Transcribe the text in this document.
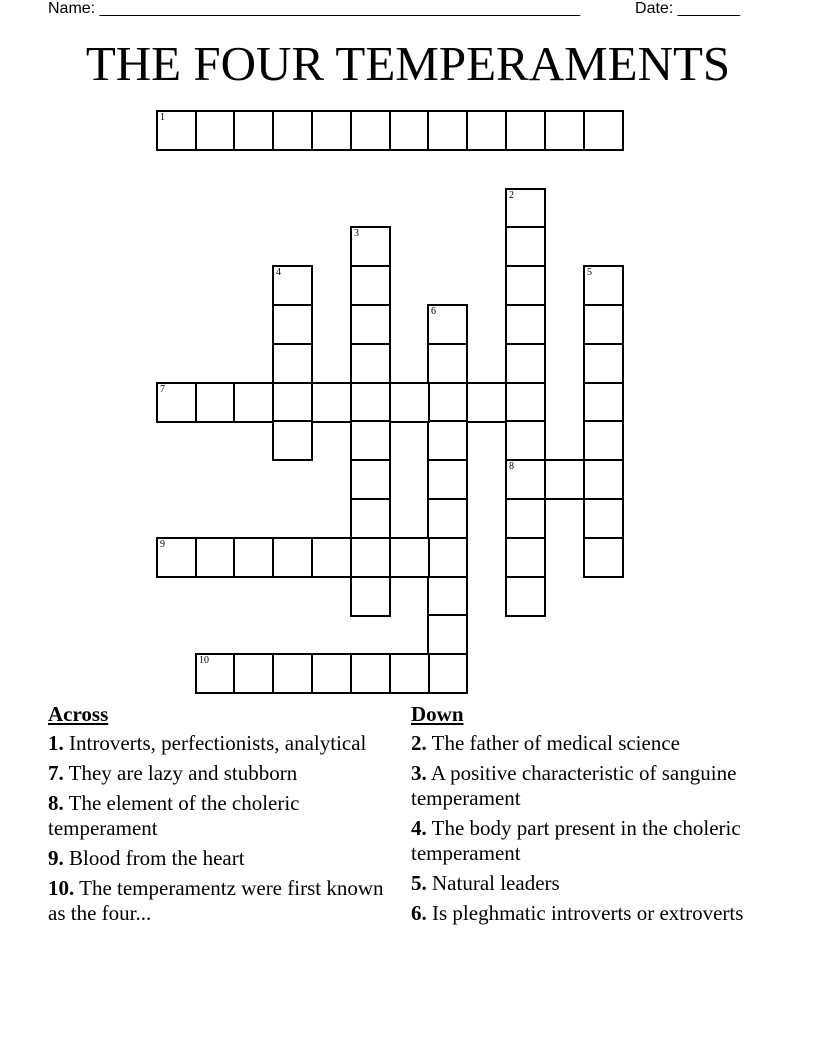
Name: ______________________________________________________	Date: _______
THE FOUR TEMPERAMENTS
1
2
8
3
4	5
6
7
9
10
Across
1. Introverts, perfectionists, analytical
7. They are lazy and stubborn
8. The element of the choleric temperament
9. Blood from the heart
10. The temperamentz were first known as the four...
Down
2. The father of medical science
3. A positive characteristic of sanguine temperament
4. The body part present in the choleric temperament
5. Natural leaders
6. Is pleghmatic introverts or extroverts
